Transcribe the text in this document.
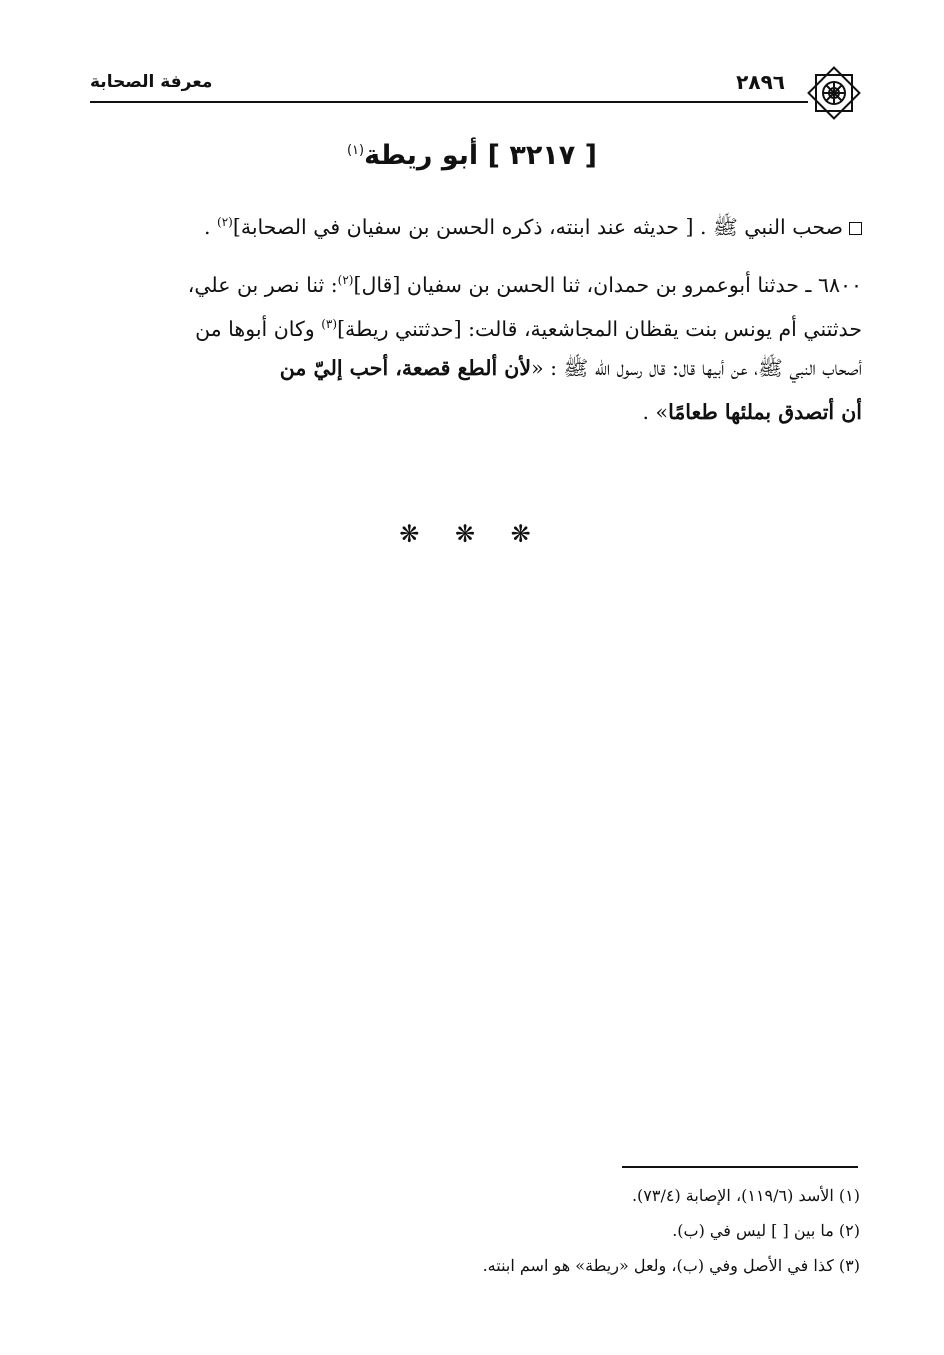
معرفة الصحابة	٢٨٩٦
[ ٣٢١٧ ] أبو ريطة$^{(١)}$
صحب النبي ﷺ . [ حديثه عند ابنته، ذكره الحسن بن سفيان في الصحابة]$^{(٢)}$ .
٦٨٠٠ ـ حدثنا أبوعمرو بن حمدان، ثنا الحسن بن سفيان [قال]$^{(٢)}$: ثنا نصر بن علي،
حدثتني أم يونس بنت يقظان المجاشعية، قالت: [حدثتني ريطة]$^{(٣)}$ وكان أبوها من
أصحاب النبي ﷺ، عن أبيها قال: قال رسول الله ﷺ : «لأن ألطع قصعة، أحب إليّ من
أن أتصدق بملئها طعامًا» .
❋ ❋ ❋
(١) الأسد (١١٩/٦)، الإصابة (٧٣/٤).
(٢) ما بين [ ] ليس في (ب).
(٣) كذا في الأصل وفي (ب)، ولعل «ريطة» هو اسم ابنته.
